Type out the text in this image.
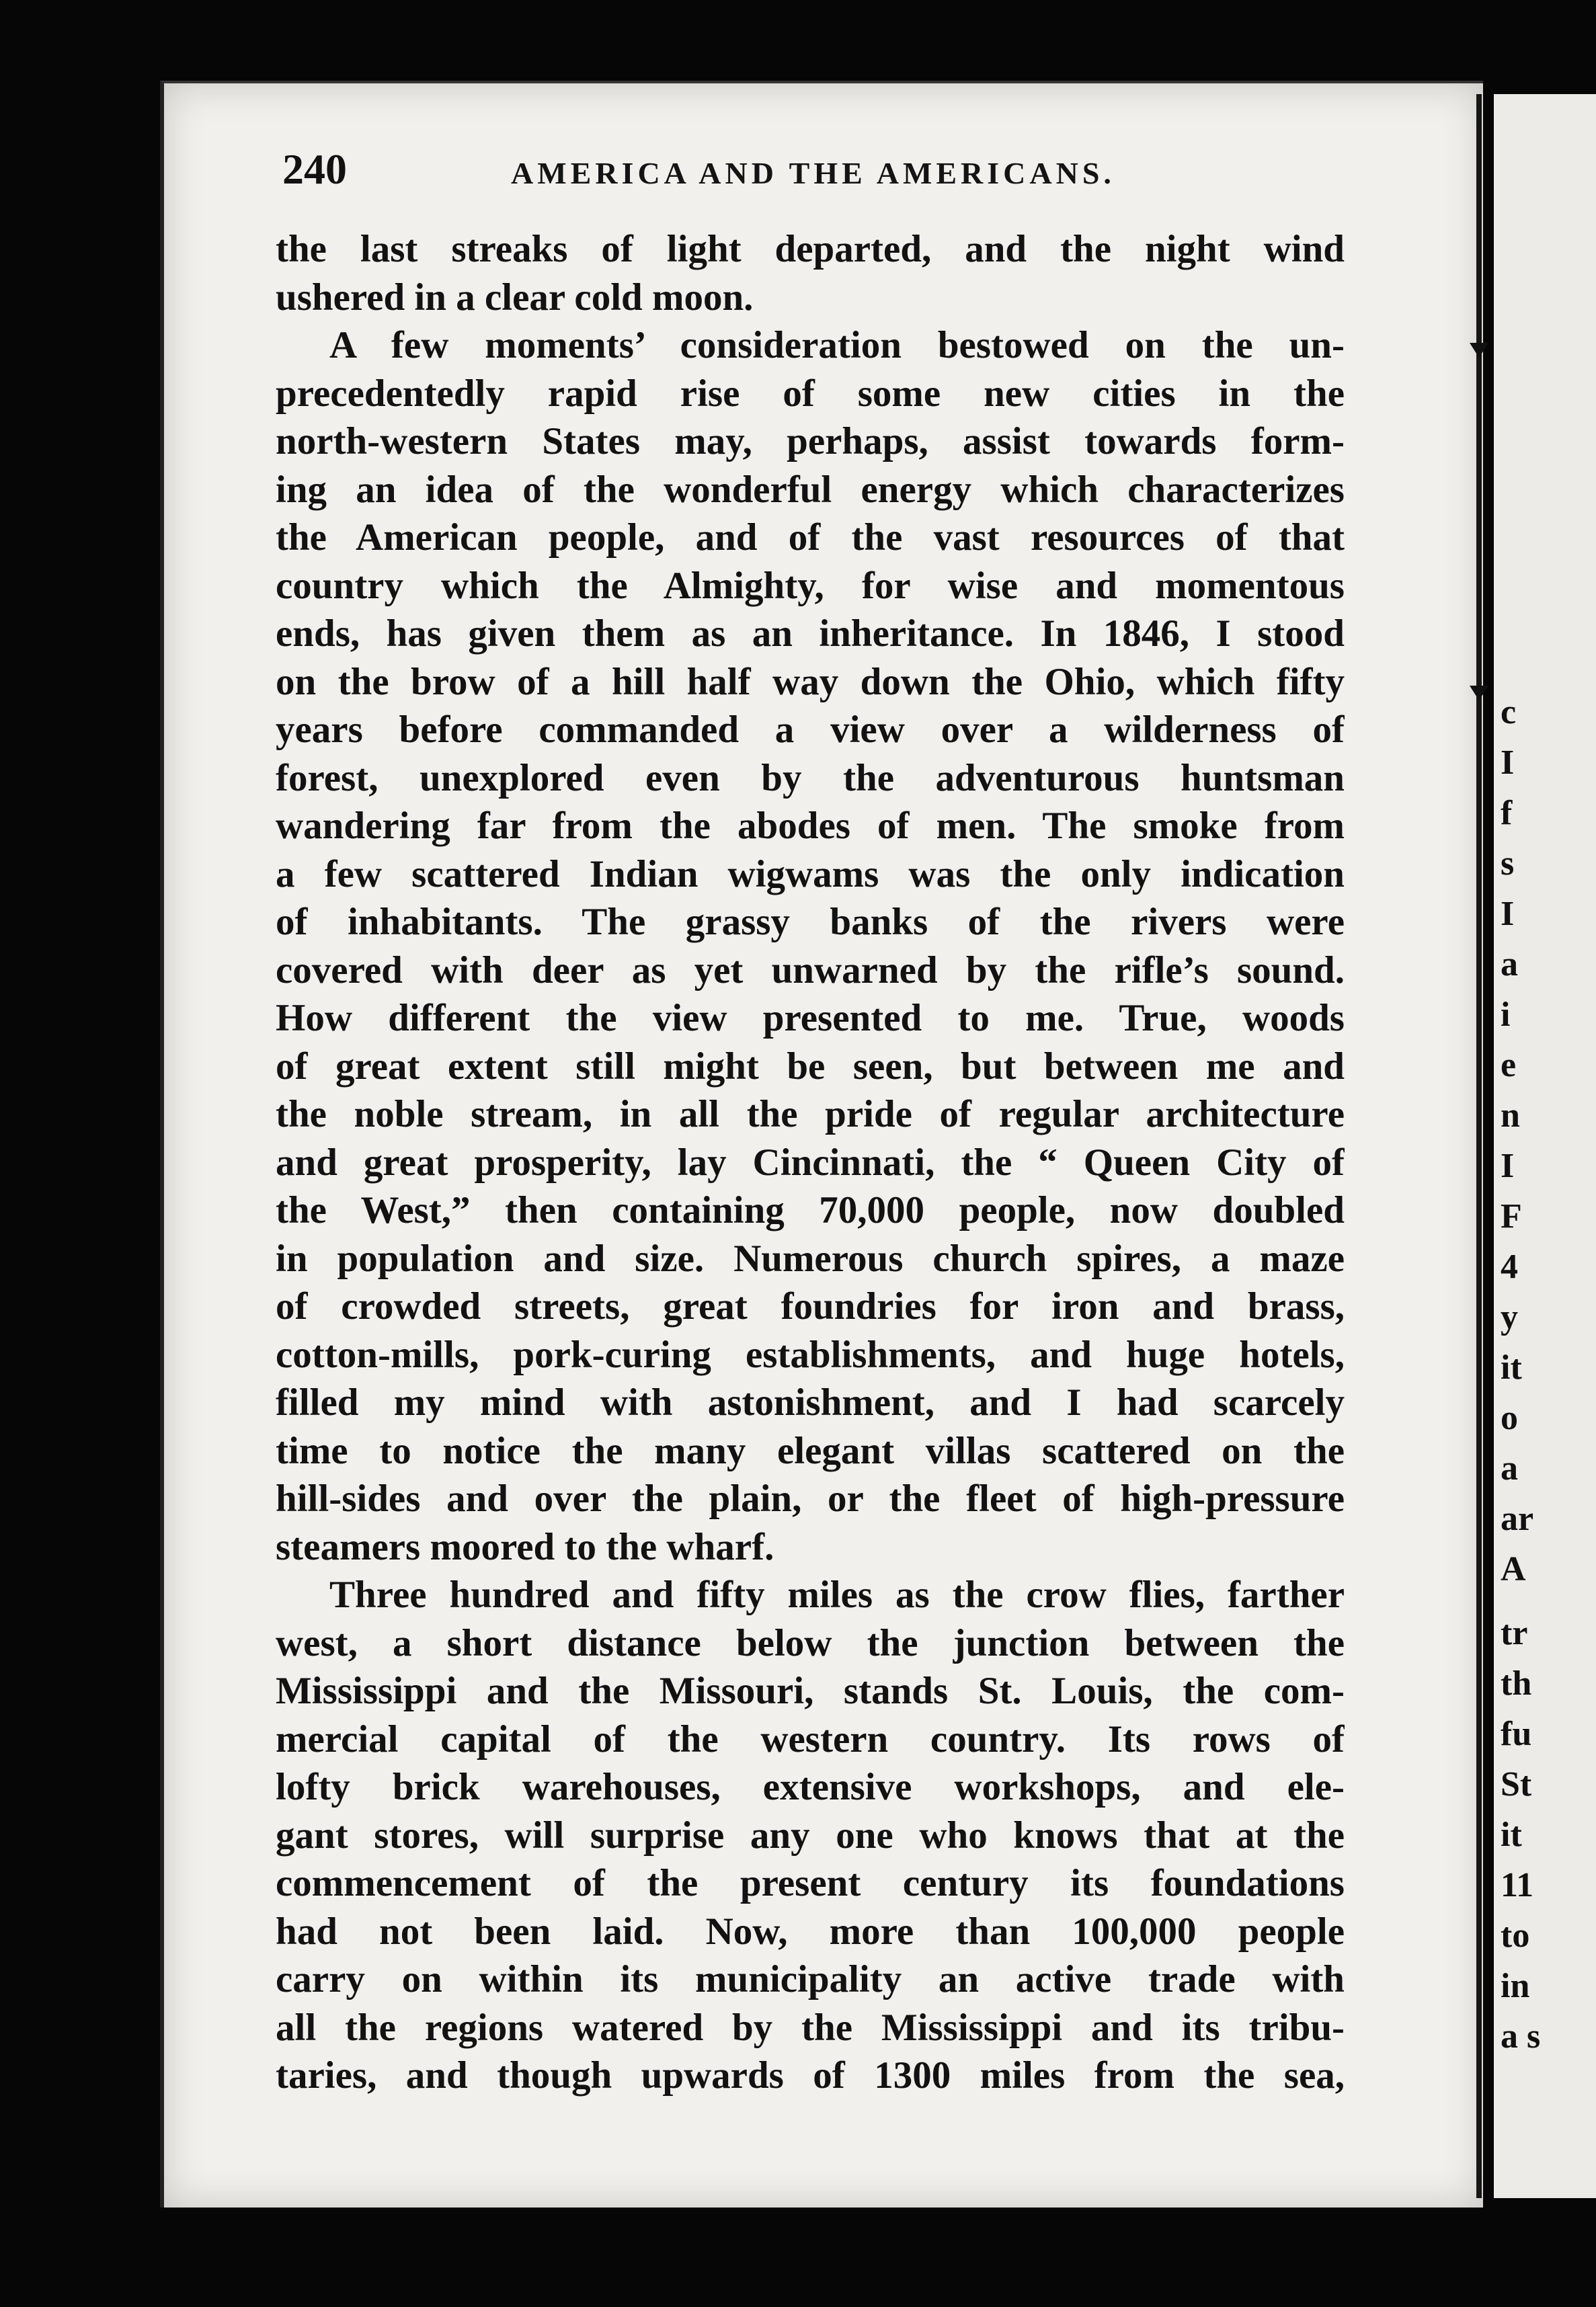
c
I
f
s
I
a
i
e
n
I
F
4
y
it
o
a
ar
A
tr
th
fu
St
it
11
to
in
a s
240	AMERICA AND THE AMERICANS.
the last streaks of light departed, and the night wind
ushered in a clear cold moon.
A few moments’ consideration bestowed on the un-
precedentedly rapid rise of some new cities in the
north-western States may, perhaps, assist towards form-
ing an idea of the wonderful energy which characterizes
the American people, and of the vast resources of that
country which the Almighty, for wise and momentous
ends, has given them as an inheritance. In 1846, I stood
on the brow of a hill half way down the Ohio, which fifty
years before commanded a view over a wilderness of
forest, unexplored even by the adventurous huntsman
wandering far from the abodes of men. The smoke from
a few scattered Indian wigwams was the only indication
of inhabitants. The grassy banks of the rivers were
covered with deer as yet unwarned by the rifle’s sound.
How different the view presented to me. True, woods
of great extent still might be seen, but between me and
the noble stream, in all the pride of regular architecture
and great prosperity, lay Cincinnati, the “ Queen City of
the West,” then containing 70,000 people, now doubled
in population and size. Numerous church spires, a maze
of crowded streets, great foundries for iron and brass,
cotton-mills, pork-curing establishments, and huge hotels,
filled my mind with astonishment, and I had scarcely
time to notice the many elegant villas scattered on the
hill-sides and over the plain, or the fleet of high-pressure
steamers moored to the wharf.
Three hundred and fifty miles as the crow flies, farther
west, a short distance below the junction between the
Mississippi and the Missouri, stands St. Louis, the com-
mercial capital of the western country. Its rows of
lofty brick warehouses, extensive workshops, and ele-
gant stores, will surprise any one who knows that at the
commencement of the present century its foundations
had not been laid. Now, more than 100,000 people
carry on within its municipality an active trade with
all the regions watered by the Mississippi and its tribu-
taries, and though upwards of 1300 miles from the sea,
